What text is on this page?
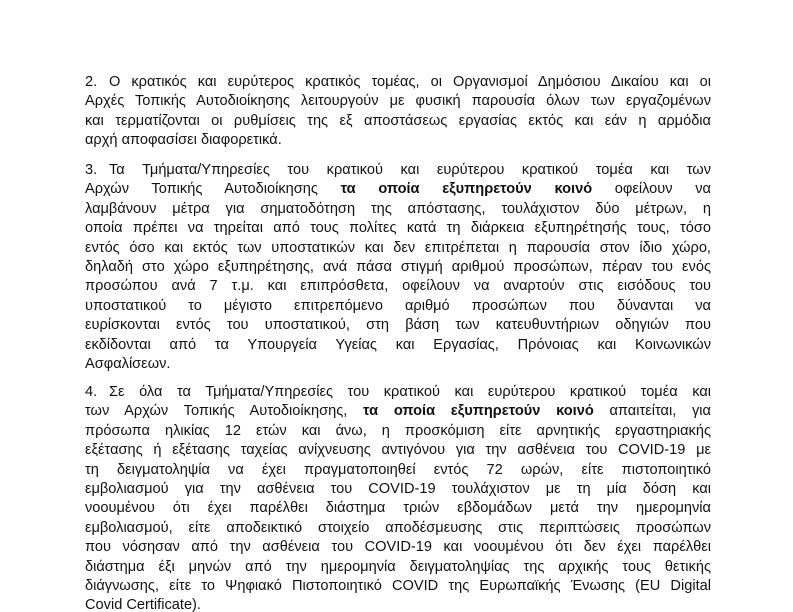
2. Ο κρατικός και ευρύτερος κρατικός τομέας, οι Οργανισμοί Δημόσιου Δικαίου και οι
Αρχές Τοπικής Αυτοδιοίκησης λειτουργούν με φυσική παρουσία όλων των εργαζομένων
και τερματίζονται οι ρυθμίσεις της εξ αποστάσεως εργασίας εκτός και εάν η αρμόδια
αρχή αποφασίσει διαφορετικά.
3. Τα Τμήματα/Υπηρεσίες του κρατικού και ευρύτερου κρατικού τομέα και των
Αρχών Τοπικής Αυτοδιοίκησης τα οποία εξυπηρετούν κοινό οφείλουν να
λαμβάνουν μέτρα για σηματοδότηση της απόστασης, τουλάχιστον δύο μέτρων, η
οποία πρέπει να τηρείται από τους πολίτες κατά τη διάρκεια εξυπηρέτησής τους, τόσο
εντός όσο και εκτός των υποστατικών και δεν επιτρέπεται η παρουσία στον ίδιο χώρο,
δηλαδή στο χώρο εξυπηρέτησης, ανά πάσα στιγμή αριθμού προσώπων, πέραν του ενός
προσώπου ανά 7 τ.μ. και επιπρόσθετα, οφείλουν να αναρτούν στις εισόδους του
υποστατικού το μέγιστο επιτρεπόμενο αριθμό προσώπων που δύνανται να
ευρίσκονται εντός του υποστατικού, στη βάση των κατευθυντήριων οδηγιών που
εκδίδονται από τα Υπουργεία Υγείας και Εργασίας, Πρόνοιας και Κοινωνικών
Ασφαλίσεων.
4. Σε όλα τα Τμήματα/Υπηρεσίες του κρατικού και ευρύτερου κρατικού τομέα και
των Αρχών Τοπικής Αυτοδιοίκησης, τα οποία εξυπηρετούν κοινό απαιτείται, για
πρόσωπα ηλικίας 12 ετών και άνω, η προσκόμιση είτε αρνητικής εργαστηριακής
εξέτασης ή εξέτασης ταχείας ανίχνευσης αντιγόνου για την ασθένεια του COVID-19 με
τη δειγματοληψία να έχει πραγματοποιηθεί εντός 72 ωρών, είτε πιστοποιητικό
εμβολιασμού για την ασθένεια του COVID-19 τουλάχιστον με τη μία δόση και
νοουμένου ότι έχει παρέλθει διάστημα τριών εβδομάδων μετά την ημερομηνία
εμβολιασμού, είτε αποδεικτικό στοιχείο αποδέσμευσης στις περιπτώσεις προσώπων
που νόσησαν από την ασθένεια του COVID-19 και νοουμένου ότι δεν έχει παρέλθει
διάστημα έξι μηνών από την ημερομηνία δειγματοληψίας της αρχικής τους θετικής
διάγνωσης, είτε το Ψηφιακό Πιστοποιητικό COVID της Ευρωπαϊκής Ένωσης (EU Digital
Covid Certificate).
